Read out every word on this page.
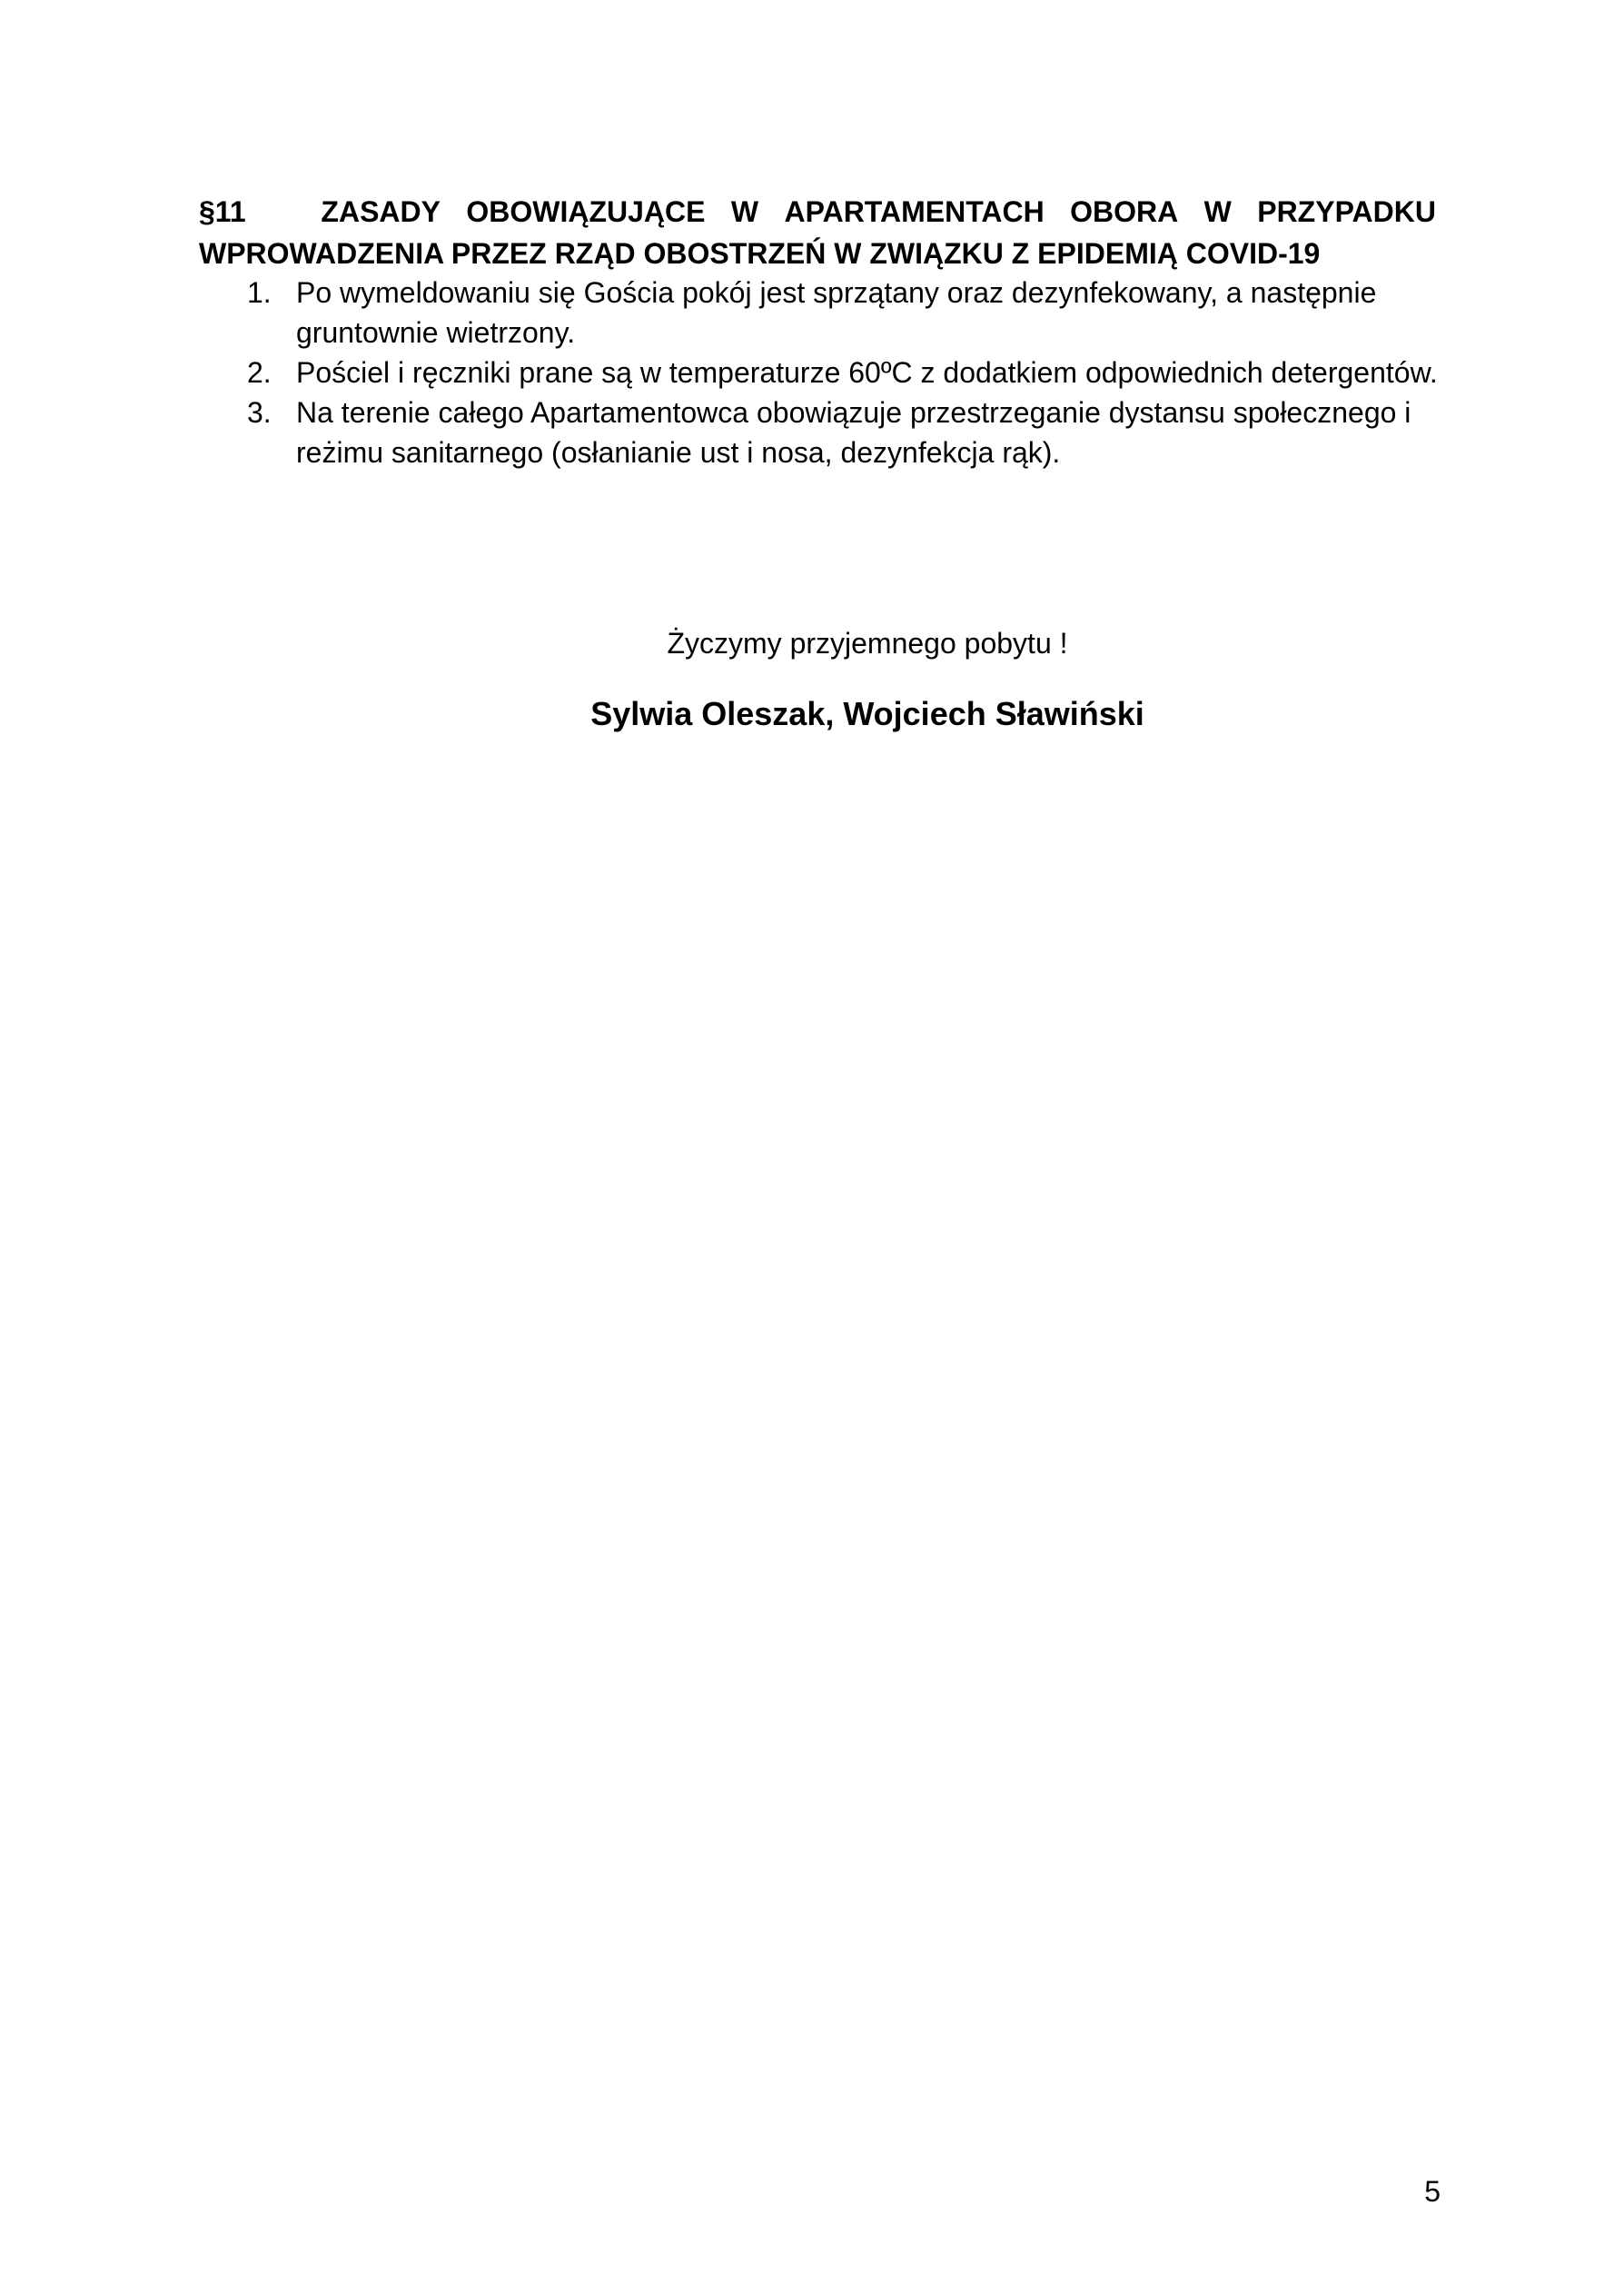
§11	ZASADY OBOWIĄZUJĄCE W APARTAMENTACH OBORA W PRZYPADKU
WPROWADZENIA PRZEZ RZĄD OBOSTRZEŃ W ZWIĄZKU Z EPIDEMIĄ COVID-19
1. Po wymeldowaniu się Gościa pokój jest sprzątany oraz dezynfekowany, a następnie gruntownie wietrzony.
2. Pościel i ręczniki prane są w temperaturze 60ºC z dodatkiem odpowiednich detergentów.
3. Na terenie całego Apartamentowca obowiązuje przestrzeganie dystansu społecznego i reżimu sanitarnego (osłanianie ust i nosa, dezynfekcja rąk).
Życzymy przyjemnego pobytu !
Sylwia Oleszak, Wojciech Sławiński
5
